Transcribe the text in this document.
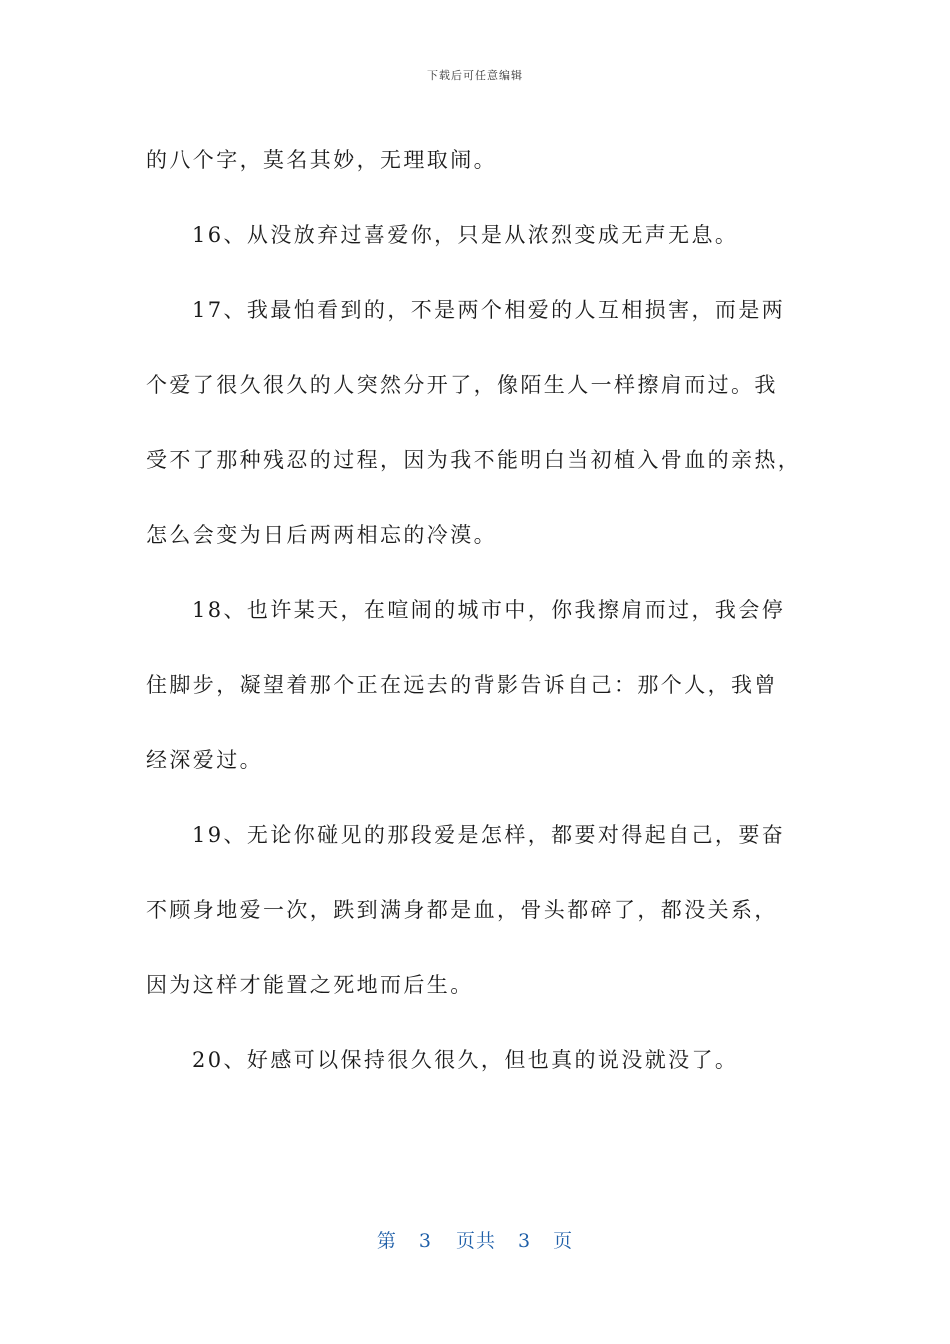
下载后可任意编辑

的八个字，莫名其妙，无理取闹。

16、从没放弃过喜爱你，只是从浓烈变成无声无息。

17、我最怕看到的，不是两个相爱的人互相损害，而是两
个爱了很久很久的人突然分开了，像陌生人一样擦肩而过。我
受不了那种残忍的过程，因为我不能明白当初植入骨血的亲热，
怎么会变为日后两两相忘的冷漠。

18、也许某天，在喧闹的城市中，你我擦肩而过，我会停
住脚步，凝望着那个正在远去的背影告诉自己：那个人，我曾
经深爱过。

19、无论你碰见的那段爱是怎样，都要对得起自己，要奋
不顾身地爱一次，跌到满身都是血，骨头都碎了，都没关系，
因为这样才能置之死地而后生。

20、好感可以保持很久很久，但也真的说没就没了。

第 3 页共 3 页
